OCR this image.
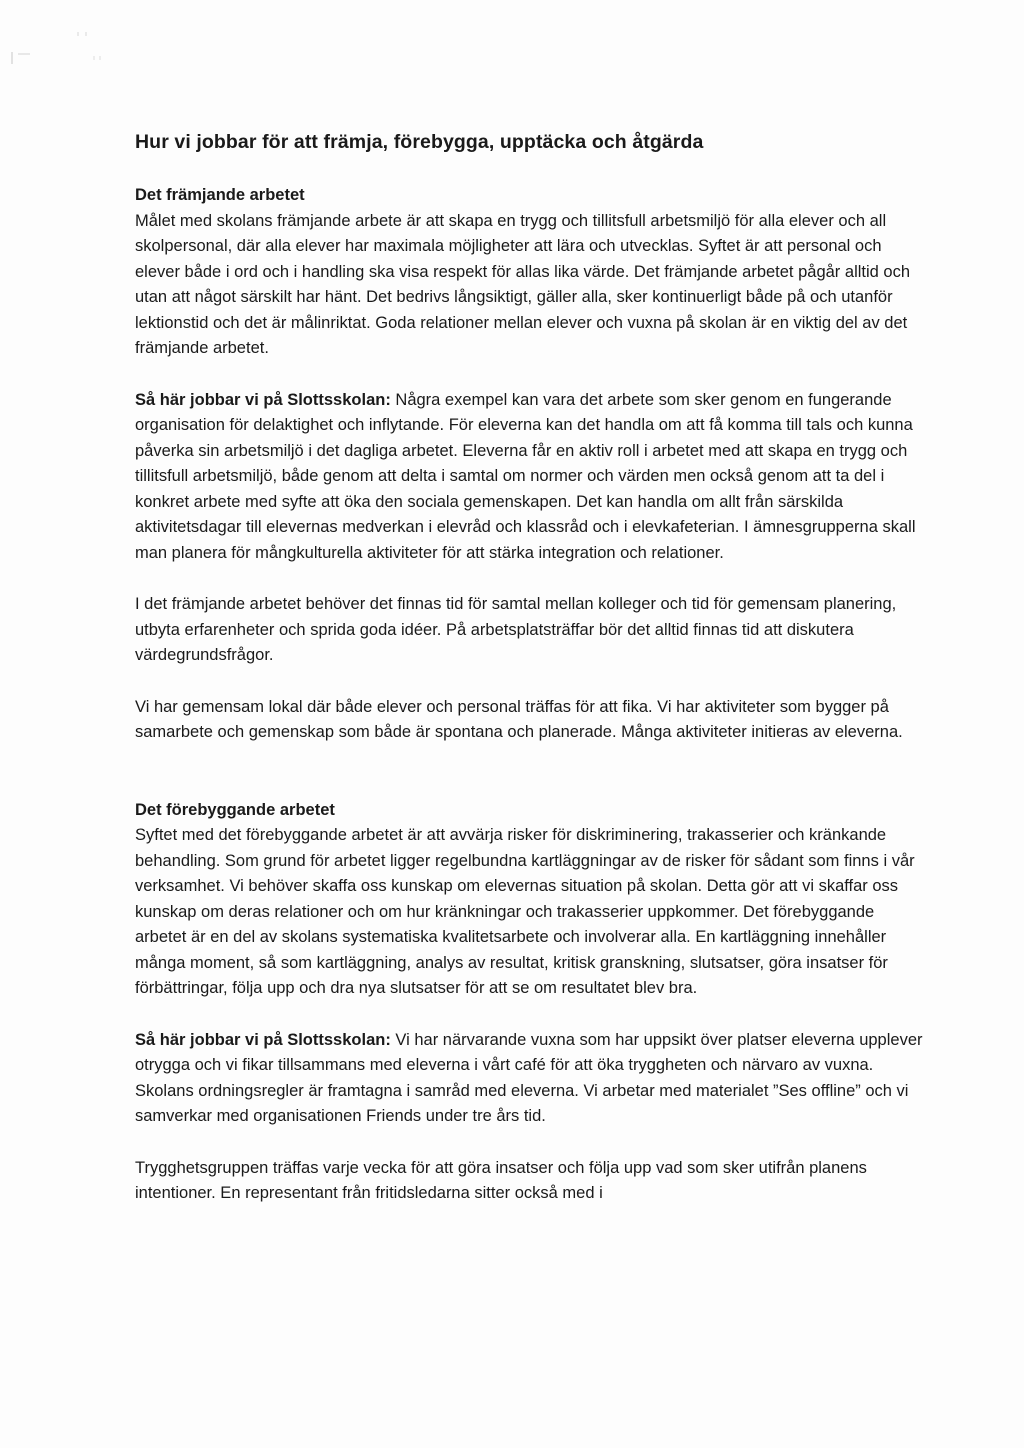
Hur vi jobbar för att främja, förebygga, upptäcka och åtgärda
Det främjande arbetet

Målet med skolans främjande arbete är att skapa en trygg och tillitsfull arbetsmiljö för alla elever och all skolpersonal, där alla elever har maximala möjligheter att lära och utvecklas. Syftet är att personal och elever både i ord och i handling ska visa respekt för allas lika värde. Det främjande arbetet pågår alltid och utan att något särskilt har hänt. Det bedrivs långsiktigt, gäller alla, sker kontinuerligt både på och utanför lektionstid och det är målinriktat. Goda relationer mellan elever och vuxna på skolan är en viktig del av det främjande arbetet.

Så här jobbar vi på Slottsskolan: Några exempel kan vara det arbete som sker genom en fungerande organisation för delaktighet och inflytande. För eleverna kan det handla om att få komma till tals och kunna påverka sin arbetsmiljö i det dagliga arbetet. Eleverna får en aktiv roll i arbetet med att skapa en trygg och tillitsfull arbetsmiljö, både genom att delta i samtal om normer och värden men också genom att ta del i konkret arbete med syfte att öka den sociala gemenskapen. Det kan handla om allt från särskilda aktivitetsdagar till elevernas medverkan i elevråd och klassråd och i elevkafeterian. I ämnesgrupperna skall man planera för mångkulturella aktiviteter för att stärka integration och relationer.

I det främjande arbetet behöver det finnas tid för samtal mellan kolleger och tid för gemensam planering, utbyta erfarenheter och sprida goda idéer. På arbetsplatsträffar bör det alltid finnas tid att diskutera värdegrundsfrågor.

Vi har gemensam lokal där både elever och personal träffas för att fika. Vi har aktiviteter som bygger på samarbete och gemenskap som både är spontana och planerade. Många aktiviteter initieras av eleverna.

Det förebyggande arbetet

Syftet med det förebyggande arbetet är att avvärja risker för diskriminering, trakasserier och kränkande behandling. Som grund för arbetet ligger regelbundna kartläggningar av de risker för sådant som finns i vår verksamhet. Vi behöver skaffa oss kunskap om elevernas situation på skolan. Detta gör att vi skaffar oss kunskap om deras relationer och om hur kränkningar och trakasserier uppkommer. Det förebyggande arbetet är en del av skolans systematiska kvalitetsarbete och involverar alla. En kartläggning innehåller många moment, så som kartläggning, analys av resultat, kritisk granskning, slutsatser, göra insatser för förbättringar, följa upp och dra nya slutsatser för att se om resultatet blev bra.

Så här jobbar vi på Slottsskolan: Vi har närvarande vuxna som har uppsikt över platser eleverna upplever otrygga och vi fikar tillsammans med eleverna i vårt café för att öka tryggheten och närvaro av vuxna. Skolans ordningsregler är framtagna i samråd med eleverna. Vi arbetar med materialet ”Ses offline” och vi samverkar med organisationen Friends under tre års tid.

Trygghetsgruppen träffas varje vecka för att göra insatser och följa upp vad som sker utifrån planens intentioner. En representant från fritidsledarna sitter också med i
